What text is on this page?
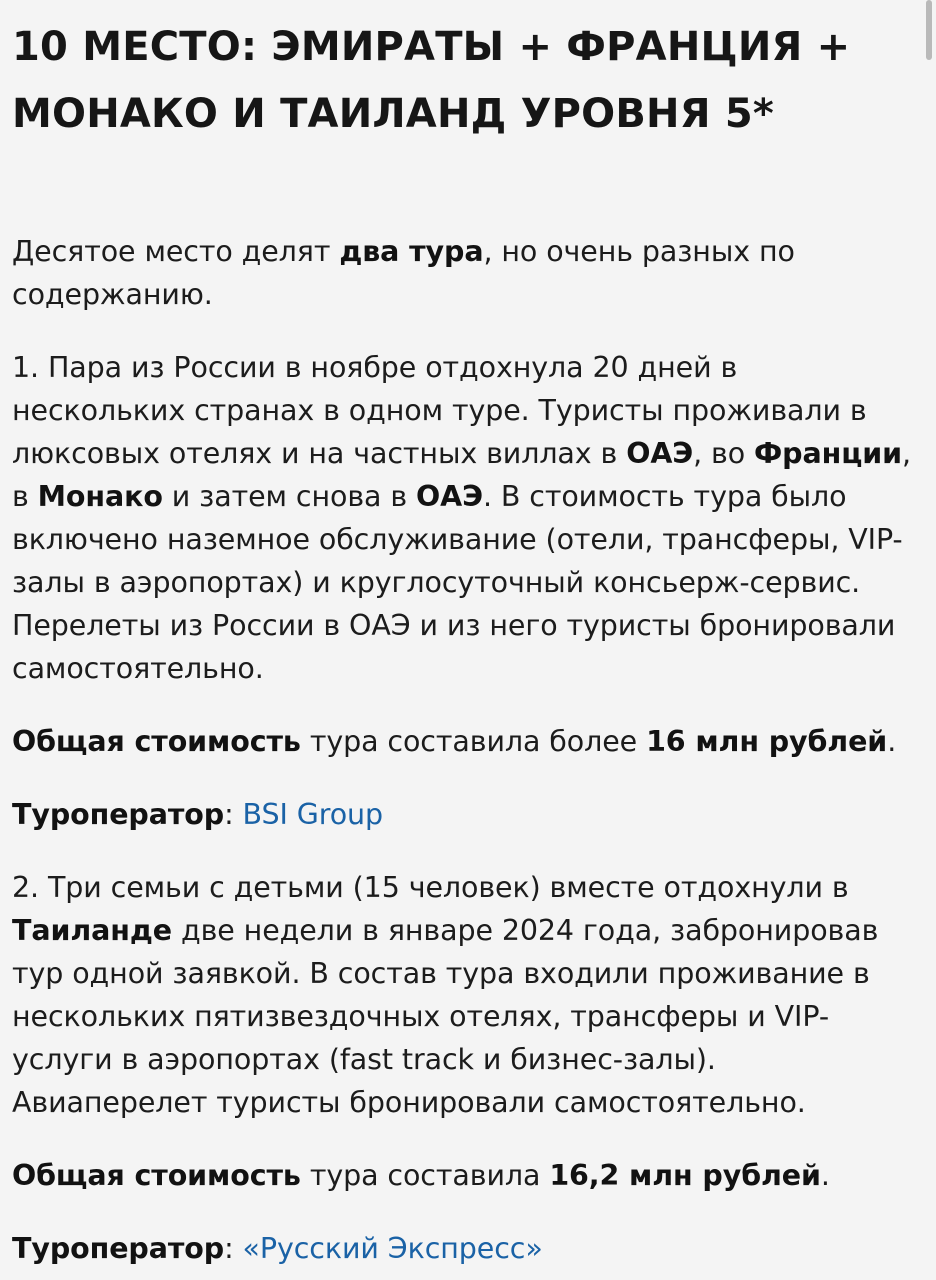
10 МЕСТО: ЭМИРАТЫ + ФРАНЦИЯ + МОНАКО И ТАИЛАНД УРОВНЯ 5*

Десятое место делят два тура, но очень разных по содержанию.

1. Пара из России в ноябре отдохнула 20 дней в нескольких странах в одном туре. Туристы проживали в люксовых отелях и на частных виллах в ОАЭ, во Франции, в Монако и затем снова в ОАЭ. В стоимость тура было включено наземное обслуживание (отели, трансферы, VIP-залы в аэропортах) и круглосуточный консьерж-сервис. Перелеты из России в ОАЭ и из него туристы бронировали самостоятельно.

Общая стоимость тура составила более 16 млн рублей.

Туроператор: BSI Group

2. Три семьи с детьми (15 человек) вместе отдохнули в Таиланде две недели в январе 2024 года, забронировав тур одной заявкой. В состав тура входили проживание в нескольких пятизвездочных отелях, трансферы и VIP-услуги в аэропортах (fast track и бизнес-залы). Авиаперелет туристы бронировали самостоятельно.

Общая стоимость тура составила 16,2 млн рублей.

Туроператор: «Русский Экспресс»
